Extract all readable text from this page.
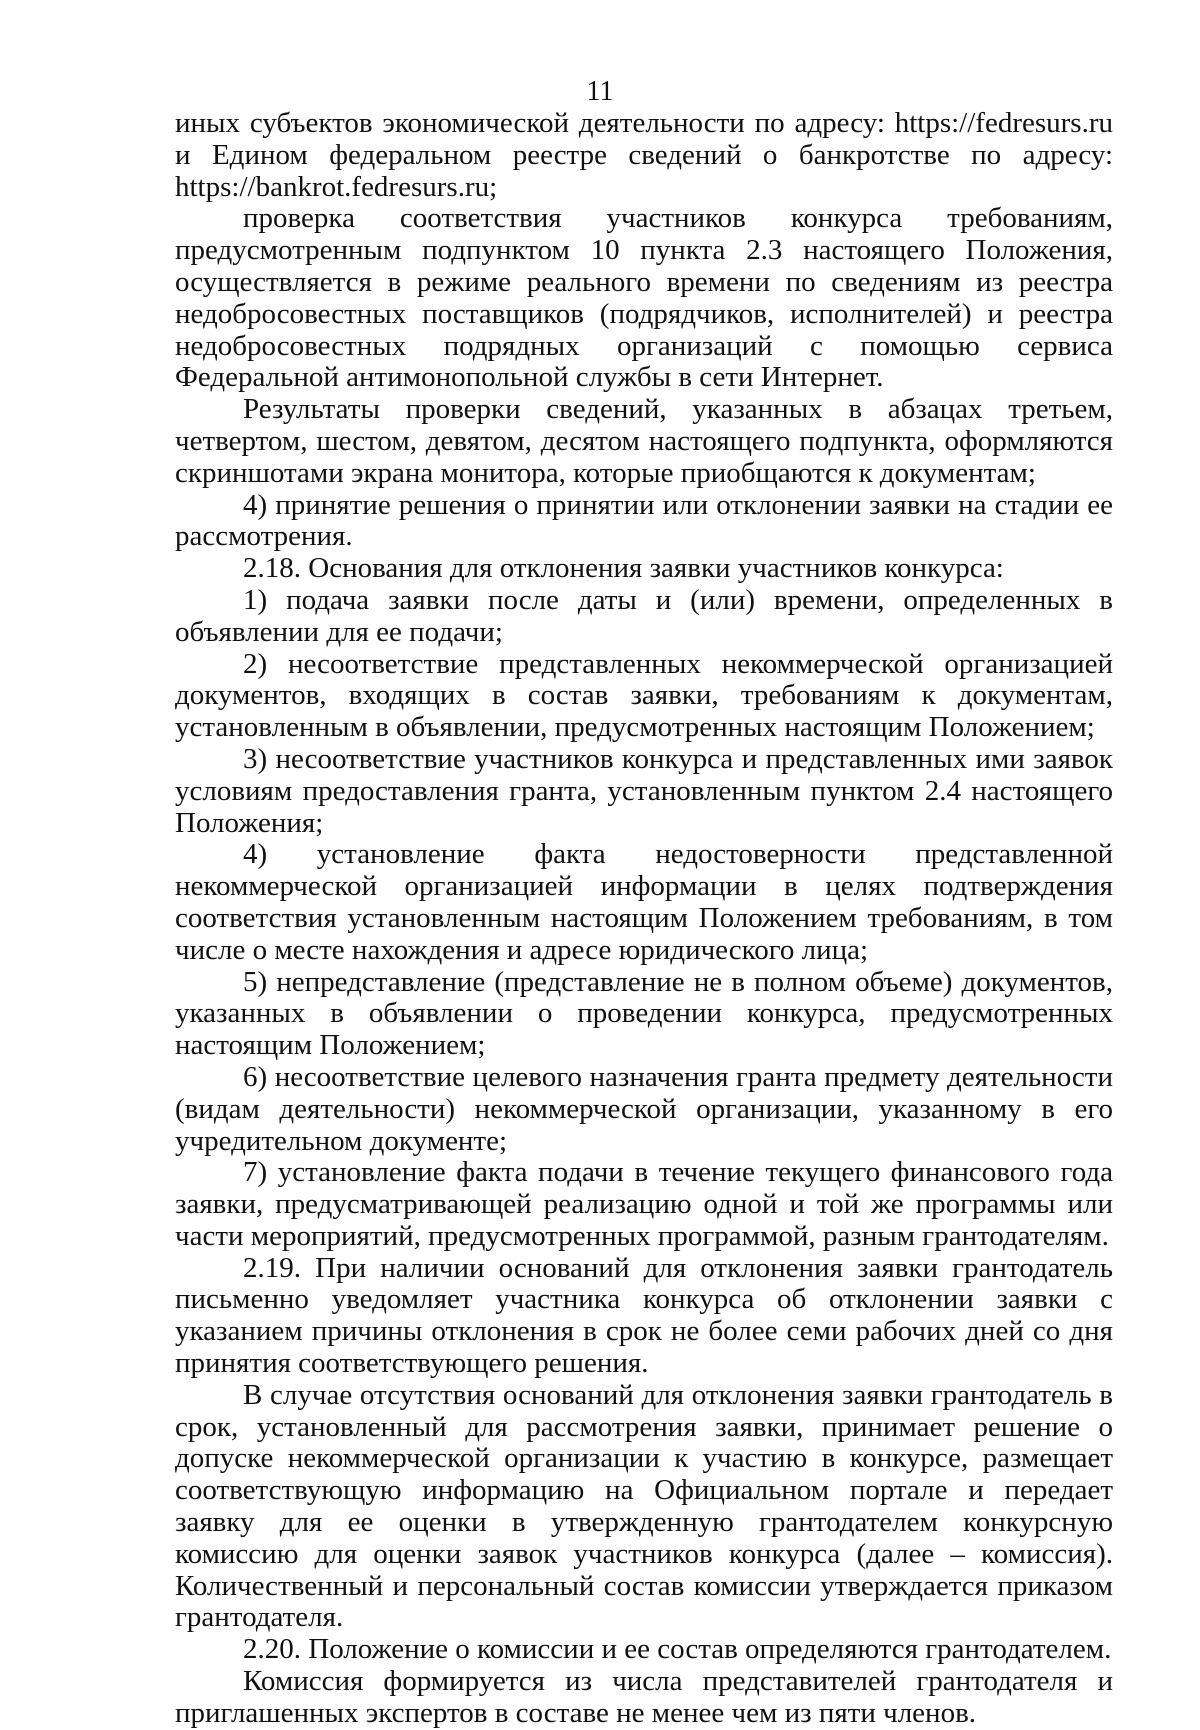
11

иных субъектов экономической деятельности по адресу: https://fedresurs.ru и Едином федеральном реестре сведений о банкротстве по адресу: https://bankrot.fedresurs.ru;

проверка соответствия участников конкурса требованиям, предусмотренным подпунктом 10 пункта 2.3 настоящего Положения, осуществляется в режиме реального времени по сведениям из реестра недобросовестных поставщиков (подрядчиков, исполнителей) и реестра недобросовестных подрядных организаций с помощью сервиса Федеральной антимонопольной службы в сети Интернет.

Результаты проверки сведений, указанных в абзацах третьем, четвертом, шестом, девятом, десятом настоящего подпункта, оформляются скриншотами экрана монитора, которые приобщаются к документам;

4) принятие решения о принятии или отклонении заявки на стадии ее рассмотрения.

2.18. Основания для отклонения заявки участников конкурса:

1) подача заявки после даты и (или) времени, определенных в объявлении для ее подачи;

2) несоответствие представленных некоммерческой организацией документов, входящих в состав заявки, требованиям к документам, установленным в объявлении, предусмотренных настоящим Положением;

3) несоответствие участников конкурса и представленных ими заявок условиям предоставления гранта, установленным пунктом 2.4 настоящего Положения;

4) установление факта недостоверности представленной некоммерческой организацией информации в целях подтверждения соответствия установленным настоящим Положением требованиям, в том числе о месте нахождения и адресе юридического лица;

5) непредставление (представление не в полном объеме) документов, указанных в объявлении о проведении конкурса, предусмотренных настоящим Положением;

6) несоответствие целевого назначения гранта предмету деятельности (видам деятельности) некоммерческой организации, указанному в его учредительном документе;

7) установление факта подачи в течение текущего финансового года заявки, предусматривающей реализацию одной и той же программы или части мероприятий, предусмотренных программой, разным грантодателям.

2.19. При наличии оснований для отклонения заявки грантодатель письменно уведомляет участника конкурса об отклонении заявки с указанием причины отклонения в срок не более семи рабочих дней со дня принятия соответствующего решения.

В случае отсутствия оснований для отклонения заявки грантодатель в срок, установленный для рассмотрения заявки, принимает решение о допуске некоммерческой организации к участию в конкурсе, размещает соответствующую информацию на Официальном портале и передает заявку для ее оценки в утвержденную грантодателем конкурсную комиссию для оценки заявок участников конкурса (далее – комиссия). Количественный и персональный состав комиссии утверждается приказом грантодателя.

2.20. Положение о комиссии и ее состав определяются грантодателем.

Комиссия формируется из числа представителей грантодателя и приглашенных экспертов в составе не менее чем из пяти членов.
